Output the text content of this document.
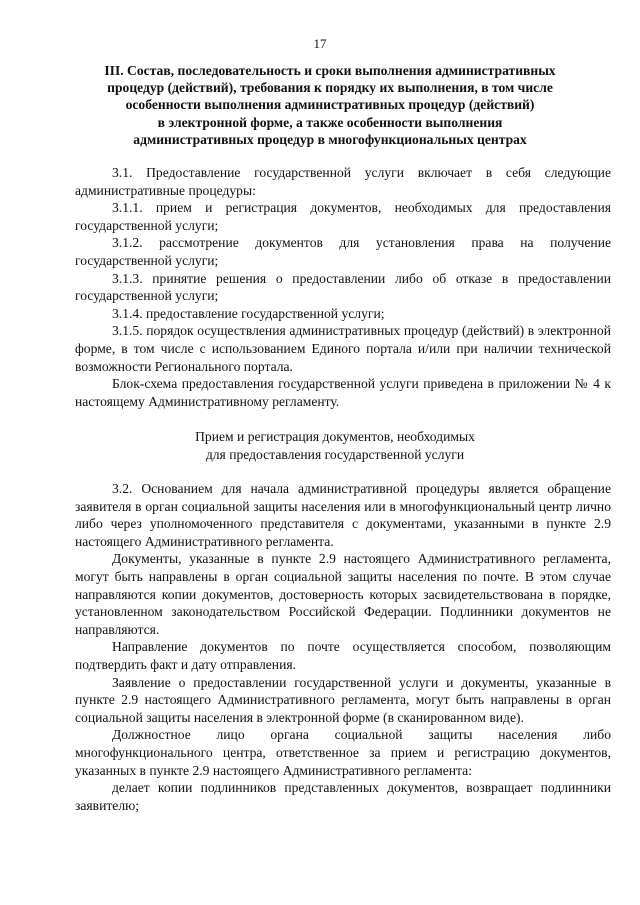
17
III. Состав, последовательность и сроки выполнения административных
процедур (действий), требования к порядку их выполнения, в том числе
особенности выполнения административных процедур (действий)
в электронной форме, а также особенности выполнения
административных процедур в многофункциональных центрах

3.1. Предоставление государственной услуги включает в себя следующие административные процедуры:

3.1.1. прием и регистрация документов, необходимых для предоставления государственной услуги;

3.1.2. рассмотрение документов для установления права на получение государственной услуги;

3.1.3. принятие решения о предоставлении либо об отказе в предоставлении государственной услуги;

3.1.4. предоставление государственной услуги;

3.1.5. порядок осуществления административных процедур (действий) в электронной форме, в том числе с использованием Единого портала и/или при наличии технической возможности Регионального портала.

Блок-схема предоставления государственной услуги приведена в приложении № 4 к настоящему Административному регламенту.

Прием и регистрация документов, необходимых
для предоставления государственной услуги

3.2. Основанием для начала административной процедуры является обращение заявителя в орган социальной защиты населения или в многофункциональный центр лично либо через уполномоченного представителя с документами, указанными в пункте 2.9 настоящего Административного регламента.

Документы, указанные в пункте 2.9 настоящего Административного регламента, могут быть направлены в орган социальной защиты населения по почте. В этом случае направляются копии документов, достоверность которых засвидетельствована в порядке, установленном законодательством Российской Федерации. Подлинники документов не направляются.

Направление документов по почте осуществляется способом, позволяющим подтвердить факт и дату отправления.

Заявление о предоставлении государственной услуги и документы, указанные в пункте 2.9 настоящего Административного регламента, могут быть направлены в орган социальной защиты населения в электронной форме (в сканированном виде).

Должностное лицо органа социальной защиты населения либо многофункционального центра, ответственное за прием и регистрацию документов, указанных в пункте 2.9 настоящего Административного регламента:

делает копии подлинников представленных документов, возвращает подлинники заявителю;
